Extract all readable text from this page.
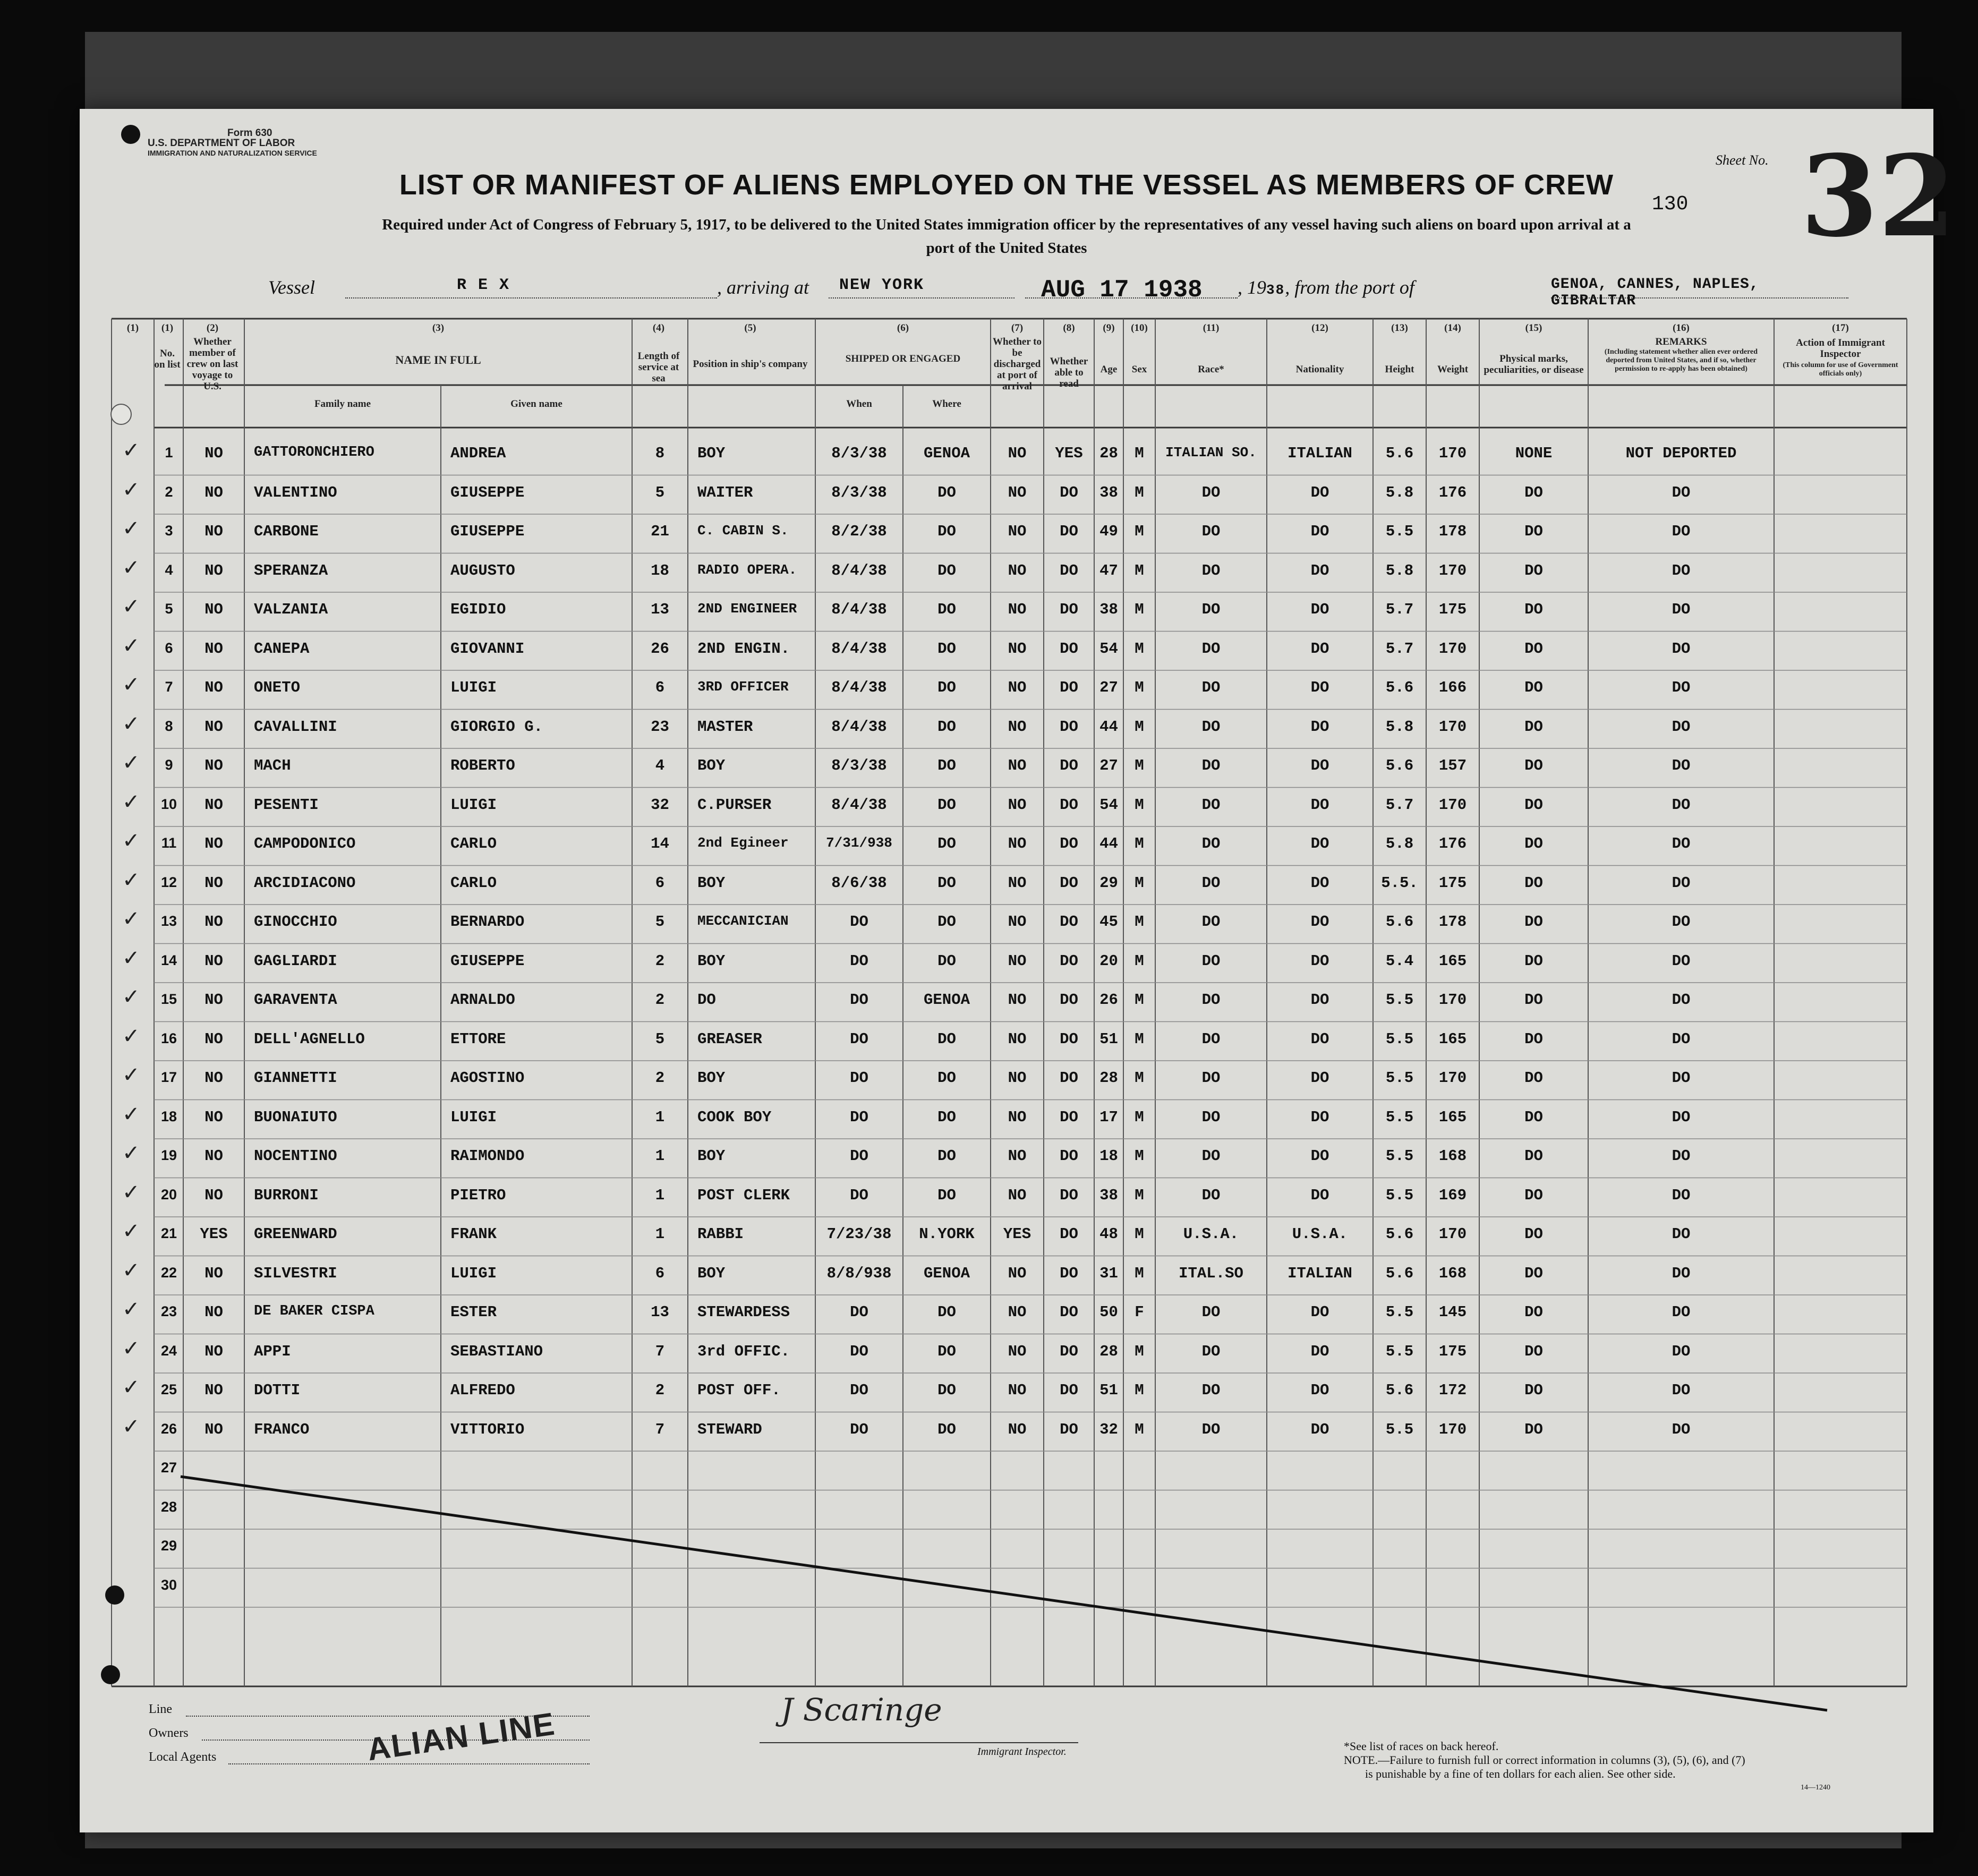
Form 630
U.S. DEPARTMENT OF LABOR
IMMIGRATION AND NATURALIZATION SERVICE
LIST OR MANIFEST OF ALIENS EMPLOYED ON THE VESSEL AS MEMBERS OF CREW
Required under Act of Congress of February 5, 1917, to be delivered to the United States immigration officer by the representatives of any vessel having such aliens on board upon arrival at a
port of the United States
Sheet No.
130 32
Vessel	R E X	, arriving at	NEW YORK	AUG 17 1938	, 1938, from the port of	GENOA, CANNES, NAPLES, GIBRALTAR
(1)	(1)
No. on list
(2)
Whether member of crew on last voyage to U.S.
(3)
NAME IN FULL
Family name	Given name
(4)
Length of service at sea
(5)
Position in ship's company
(6)
SHIPPED OR ENGAGED
When	Where
(7)
Whether to be discharged at port of arrival
(8)
Whether able to read
(9)
Age
(10)
Sex
(11)
Race*
(12)
Nationality
(13)
Height
(14)
Weight
(15)
Physical marks, peculiarities, or disease
(16)
REMARKS
(Including statement whether alien ever ordered deported from United States, and if so, whether permission to re-apply has been obtained)
(17)
Action of Immigrant Inspector
(This column for use of Government officials only)
✓	1	NO	GATTORONCHIERO	ANDREA	8	BOY	8/3/38	GENOA	NO	YES	28	M	ITALIAN SO.	ITALIAN	5.6	170	NONE	NOT DEPORTED
✓	2	NO	VALENTINO	GIUSEPPE	5	WAITER	8/3/38	DO	NO	DO	38	M	DO	DO	5.8	176	DO	DO
✓	3	NO	CARBONE	GIUSEPPE	21	C. CABIN S.	8/2/38	DO	NO	DO	49	M	DO	DO	5.5	178	DO	DO
✓	4	NO	SPERANZA	AUGUSTO	18	RADIO OPERA.	8/4/38	DO	NO	DO	47	M	DO	DO	5.8	170	DO	DO
✓	5	NO	VALZANIA	EGIDIO	13	2ND ENGINEER	8/4/38	DO	NO	DO	38	M	DO	DO	5.7	175	DO	DO
✓	6	NO	CANEPA	GIOVANNI	26	2ND ENGIN.	8/4/38	DO	NO	DO	54	M	DO	DO	5.7	170	DO	DO
✓	7	NO	ONETO	LUIGI	6	3RD OFFICER	8/4/38	DO	NO	DO	27	M	DO	DO	5.6	166	DO	DO
✓	8	NO	CAVALLINI	GIORGIO G.	23	MASTER	8/4/38	DO	NO	DO	44	M	DO	DO	5.8	170	DO	DO
✓	9	NO	MACH	ROBERTO	4	BOY	8/3/38	DO	NO	DO	27	M	DO	DO	5.6	157	DO	DO
✓	10	NO	PESENTI	LUIGI	32	C.PURSER	8/4/38	DO	NO	DO	54	M	DO	DO	5.7	170	DO	DO
✓	11	NO	CAMPODONICO	CARLO	14	2nd Egineer	7/31/938	DO	NO	DO	44	M	DO	DO	5.8	176	DO	DO
✓	12	NO	ARCIDIACONO	CARLO	6	BOY	8/6/38	DO	NO	DO	29	M	DO	DO	5.5.	175	DO	DO
✓	13	NO	GINOCCHIO	BERNARDO	5	MECCANICIAN	DO	DO	NO	DO	45	M	DO	DO	5.6	178	DO	DO
✓	14	NO	GAGLIARDI	GIUSEPPE	2	BOY	DO	DO	NO	DO	20	M	DO	DO	5.4	165	DO	DO
✓	15	NO	GARAVENTA	ARNALDO	2	DO	DO	GENOA	NO	DO	26	M	DO	DO	5.5	170	DO	DO
✓	16	NO	DELL'AGNELLO	ETTORE	5	GREASER	DO	DO	NO	DO	51	M	DO	DO	5.5	165	DO	DO
✓	17	NO	GIANNETTI	AGOSTINO	2	BOY	DO	DO	NO	DO	28	M	DO	DO	5.5	170	DO	DO
✓	18	NO	BUONAIUTO	LUIGI	1	COOK BOY	DO	DO	NO	DO	17	M	DO	DO	5.5	165	DO	DO
✓	19	NO	NOCENTINO	RAIMONDO	1	BOY	DO	DO	NO	DO	18	M	DO	DO	5.5	168	DO	DO
✓	20	NO	BURRONI	PIETRO	1	POST CLERK	DO	DO	NO	DO	38	M	DO	DO	5.5	169	DO	DO
✓	21	YES	GREENWARD	FRANK	1	RABBI	7/23/38	N.YORK	YES	DO	48	M	U.S.A.	U.S.A.	5.6	170	DO	DO
✓	22	NO	SILVESTRI	LUIGI	6	BOY	8/8/938	GENOA	NO	DO	31	M	ITAL.SO	ITALIAN	5.6	168	DO	DO
✓	23	NO	DE BAKER CISPA	ESTER	13	STEWARDESS	DO	DO	NO	DO	50	F	DO	DO	5.5	145	DO	DO
✓	24	NO	APPI	SEBASTIANO	7	3rd OFFIC.	DO	DO	NO	DO	28	M	DO	DO	5.5	175	DO	DO
✓	25	NO	DOTTI	ALFREDO	2	POST OFF.	DO	DO	NO	DO	51	M	DO	DO	5.6	172	DO	DO
✓	26	NO	FRANCO	VITTORIO	7	STEWARD	DO	DO	NO	DO	32	M	DO	DO	5.5	170	DO	DO
27
28
29
30
Line
Owners
Local Agents	ALIAN LINE	J Scaringe
Immigrant Inspector.	*See list of races on back hereof.
NOTE.—Failure to furnish full or correct information in columns (3), (5), (6), and (7)
is punishable by a fine of ten dollars for each alien. See other side.
14—1240
